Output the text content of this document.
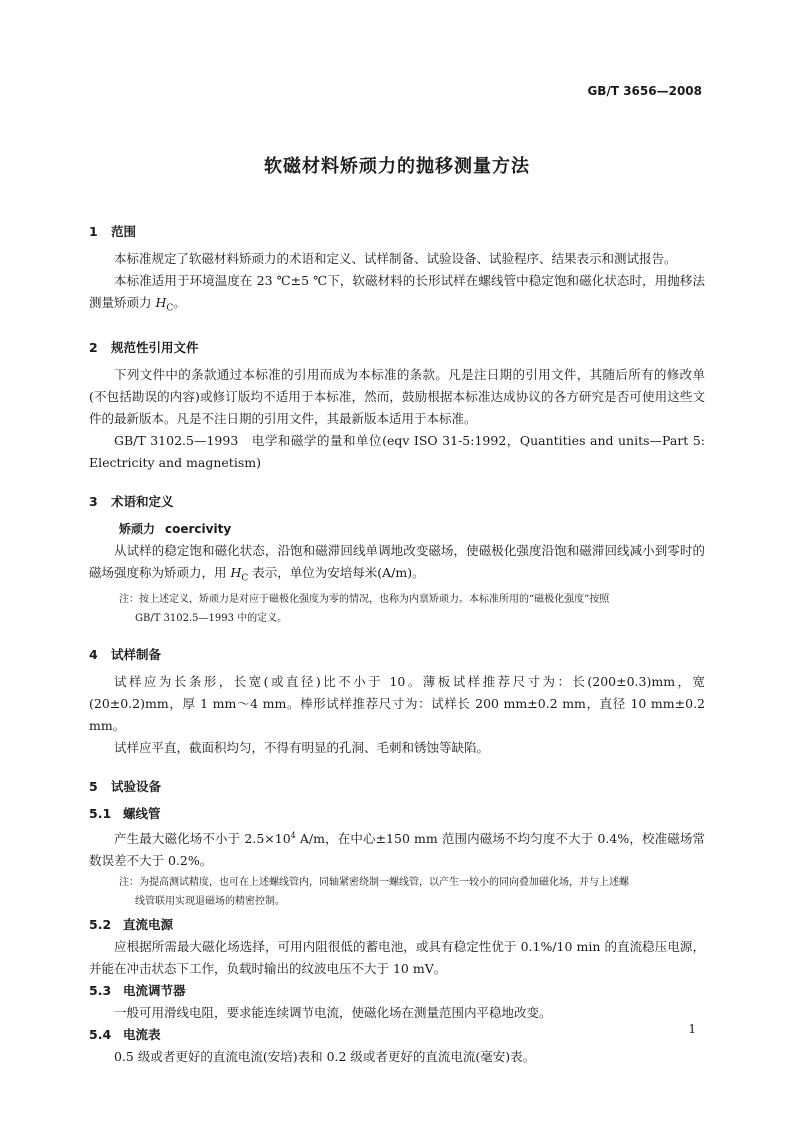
GB/T 3656—2008
软磁材料矫顽力的抛移测量方法
1 范围

本标准规定了软磁材料矫顽力的术语和定义、试样制备、试验设备、试验程序、结果表示和测试报告。

本标准适用于环境温度在 23 ℃±5 ℃下，软磁材料的长形试样在螺线管中稳定饱和磁化状态时，用抛移法测量矫顽力 $H_C$。

2 规范性引用文件

下列文件中的条款通过本标准的引用而成为本标准的条款。凡是注日期的引用文件，其随后所有的修改单(不包括勘误的内容)或修订版均不适用于本标准，然而，鼓励根据本标准达成协议的各方研究是否可使用这些文件的最新版本。凡是不注日期的引用文件，其最新版本适用于本标准。

GB/T 3102.5—1993　电学和磁学的量和单位(eqv ISO 31-5:1992，Quantities and units—Part 5: Electricity and magnetism)

3 术语和定义
矫顽力 coercivity

从试样的稳定饱和磁化状态，沿饱和磁滞回线单调地改变磁场，使磁极化强度沿饱和磁滞回线减小到零时的磁场强度称为矫顽力，用 $H_C$ 表示，单位为安培每米(A/m)。

注：按上述定义，矫顽力是对应于磁极化强度为零的情况，也称为内禀矫顽力。本标准所用的“磁极化强度”按照
GB/T 3102.5—1993 中的定义。
4 试样制备

试样应为长条形，长宽(或直径)比不小于 10。薄板试样推荐尺寸为：长(200±0.3)mm，宽(20±0.2)mm，厚 1 mm～4 mm。棒形试样推荐尺寸为：试样长 200 mm±0.2 mm，直径 10 mm±0.2 mm。

试样应平直，截面积均匀，不得有明显的孔洞、毛刺和锈蚀等缺陷。

5 试验设备
5.1 螺线管

产生最大磁化场不小于 $2.5\times 10^4$ A/m，在中心±150 mm 范围内磁场不均匀度不大于 0.4%，校准磁场常数误差不大于 0.2%。

注：为提高测试精度，也可在上述螺线管内，同轴紧密绕制一螺线管，以产生一较小的同向叠加磁化场，并与上述螺
线管联用实现退磁场的精密控制。
5.2 直流电源

应根据所需最大磁化场选择，可用内阻很低的蓄电池，或具有稳定性优于 0.1%/10 min 的直流稳压电源，并能在冲击状态下工作，负载时输出的纹波电压不大于 10 mV。

5.3 电流调节器

一般可用滑线电阻，要求能连续调节电流，使磁化场在测量范围内平稳地改变。

5.4 电流表

0.5 级或者更好的直流电流(安培)表和 0.2 级或者更好的直流电流(毫安)表。

1
